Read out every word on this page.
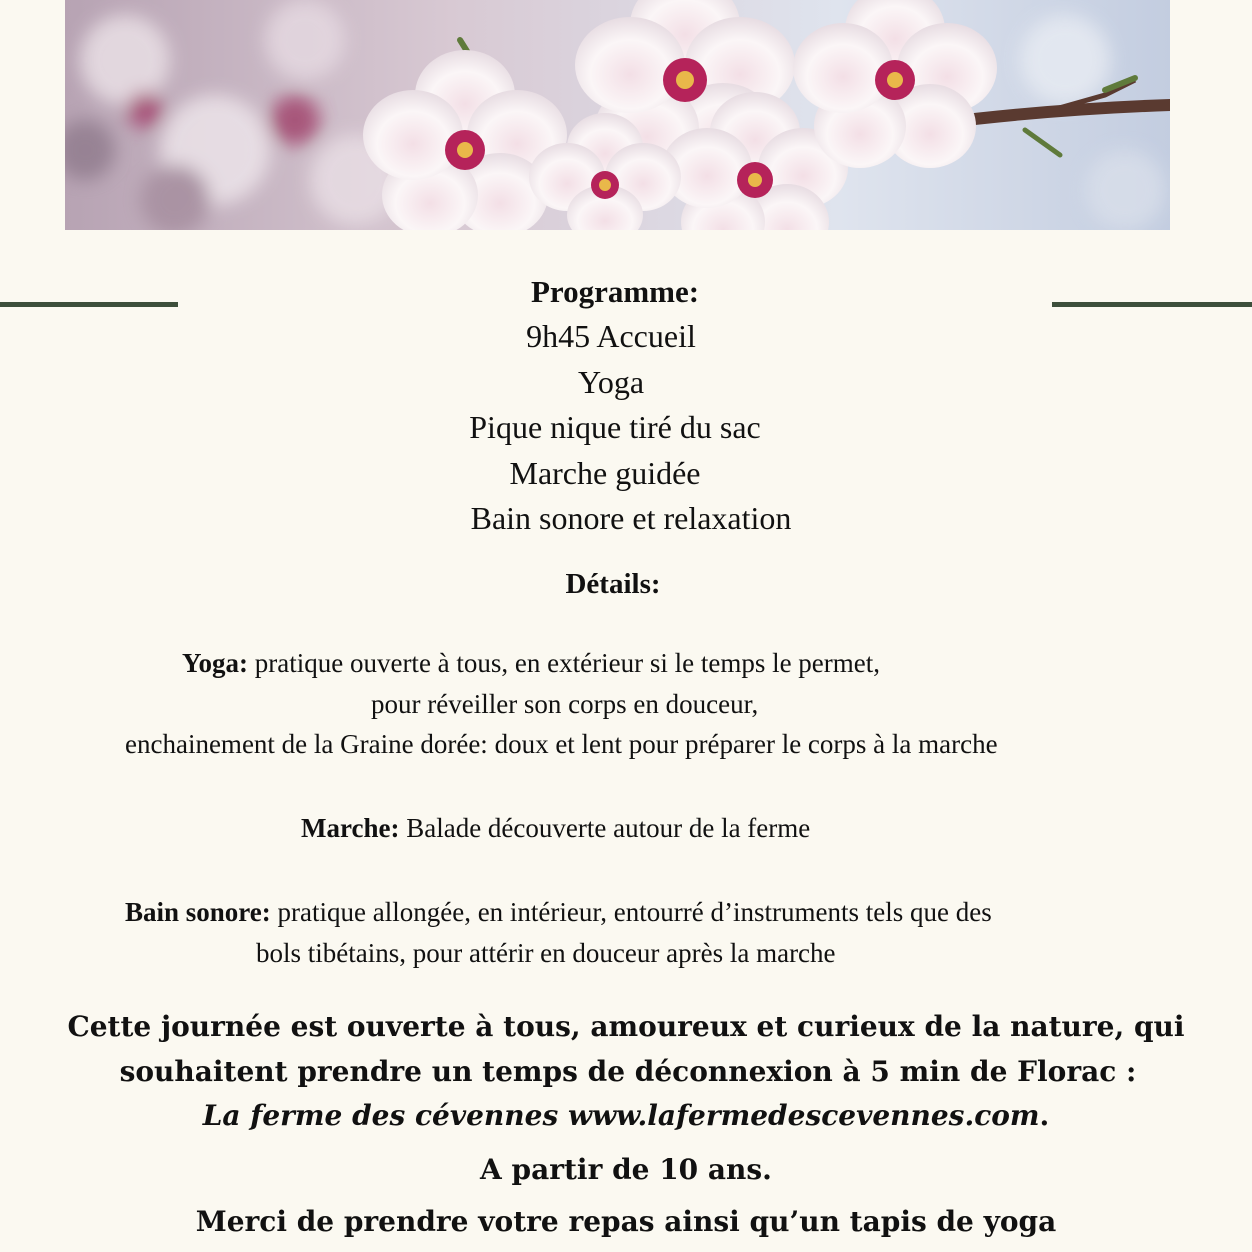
Programme:
9h45 Accueil
Yoga
Pique nique tiré du sac
Marche guidée
Bain sonore et relaxation
Détails:
Yoga: pratique ouverte à tous, en extérieur si le temps le permet,
pour réveiller son corps en douceur,
enchainement de la Graine dorée: doux et lent pour préparer le corps à la marche
Marche: Balade découverte autour de la ferme
Bain sonore: pratique allongée, en intérieur, entourré d’instruments tels que des
bols tibétains, pour attérir en douceur après la marche
Cette journée est ouverte à tous, amoureux et curieux de la nature, qui
souhaitent prendre un temps de déconnexion à 5 min de Florac :
La ferme des cévennes www.lafermedescevennes.com.
A partir de 10 ans.
Merci de prendre votre repas ainsi qu’un tapis de yoga
